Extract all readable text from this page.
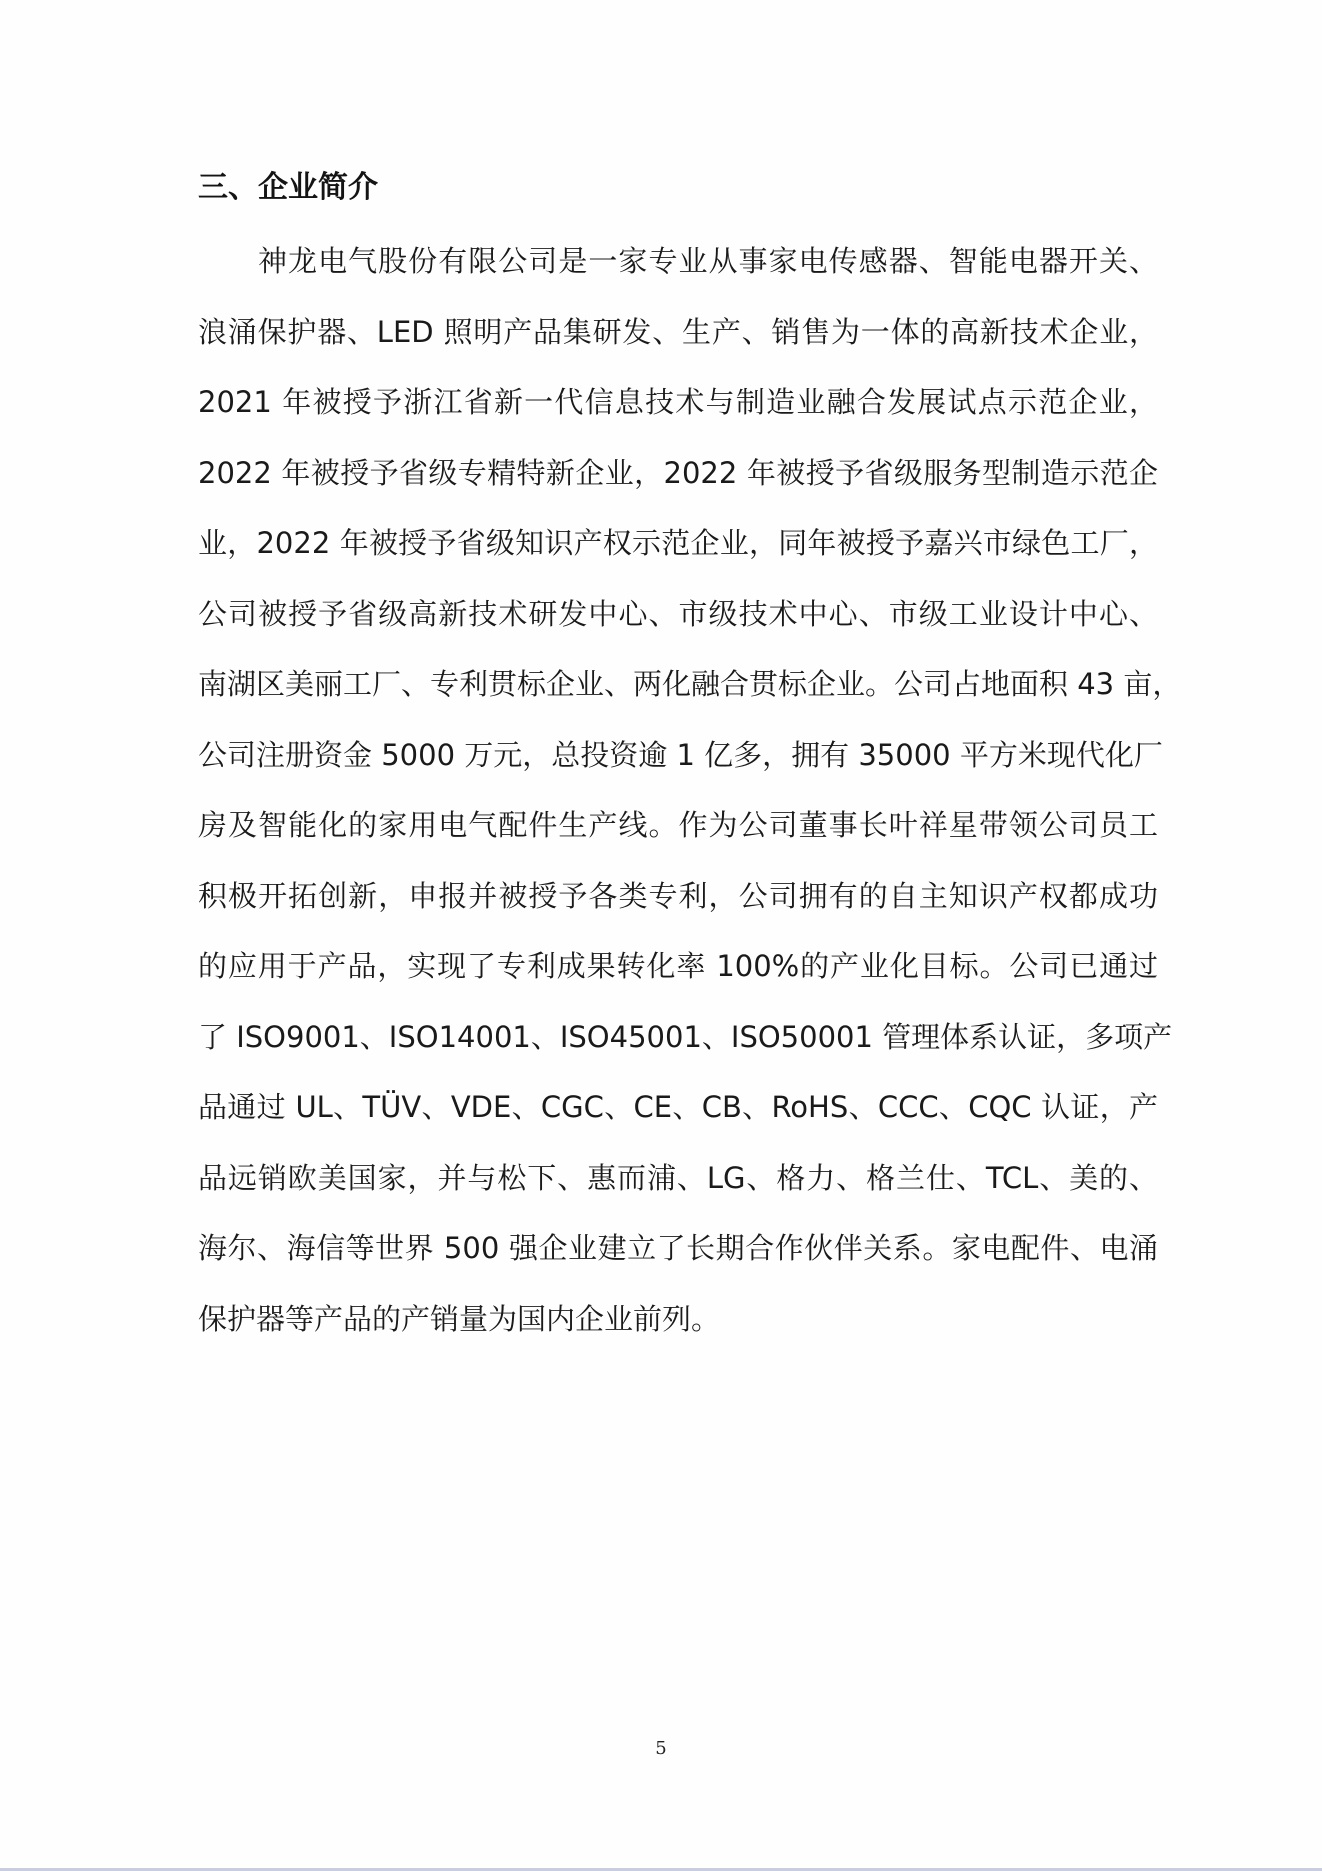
三、企业简介
神龙电气股份有限公司是一家专业从事家电传感器、智能电器开关、
浪涌保护器、LED 照明产品集研发、生产、销售为一体的高新技术企业，
2021 年被授予浙江省新一代信息技术与制造业融合发展试点示范企业，
2022 年被授予省级专精特新企业，2022 年被授予省级服务型制造示范企
业，2022 年被授予省级知识产权示范企业，同年被授予嘉兴市绿色工厂，
公司被授予省级高新技术研发中心、市级技术中心、市级工业设计中心、
南湖区美丽工厂、专利贯标企业、两化融合贯标企业。公司占地面积 43 亩，
公司注册资金 5000 万元，总投资逾 1 亿多，拥有 35000 平方米现代化厂
房及智能化的家用电气配件生产线。作为公司董事长叶祥星带领公司员工
积极开拓创新，申报并被授予各类专利，公司拥有的自主知识产权都成功
的应用于产品，实现了专利成果转化率 100%的产业化目标。公司已通过
了 ISO9001、ISO14001、ISO45001、ISO50001 管理体系认证，多项产
品通过 UL、TÜV、VDE、CGC、CE、CB、RoHS、CCC、CQC 认证，产
品远销欧美国家，并与松下、惠而浦、LG、格力、格兰仕、TCL、美的、
海尔、海信等世界 500 强企业建立了长期合作伙伴关系。家电配件、电涌
保护器等产品的产销量为国内企业前列。
5
